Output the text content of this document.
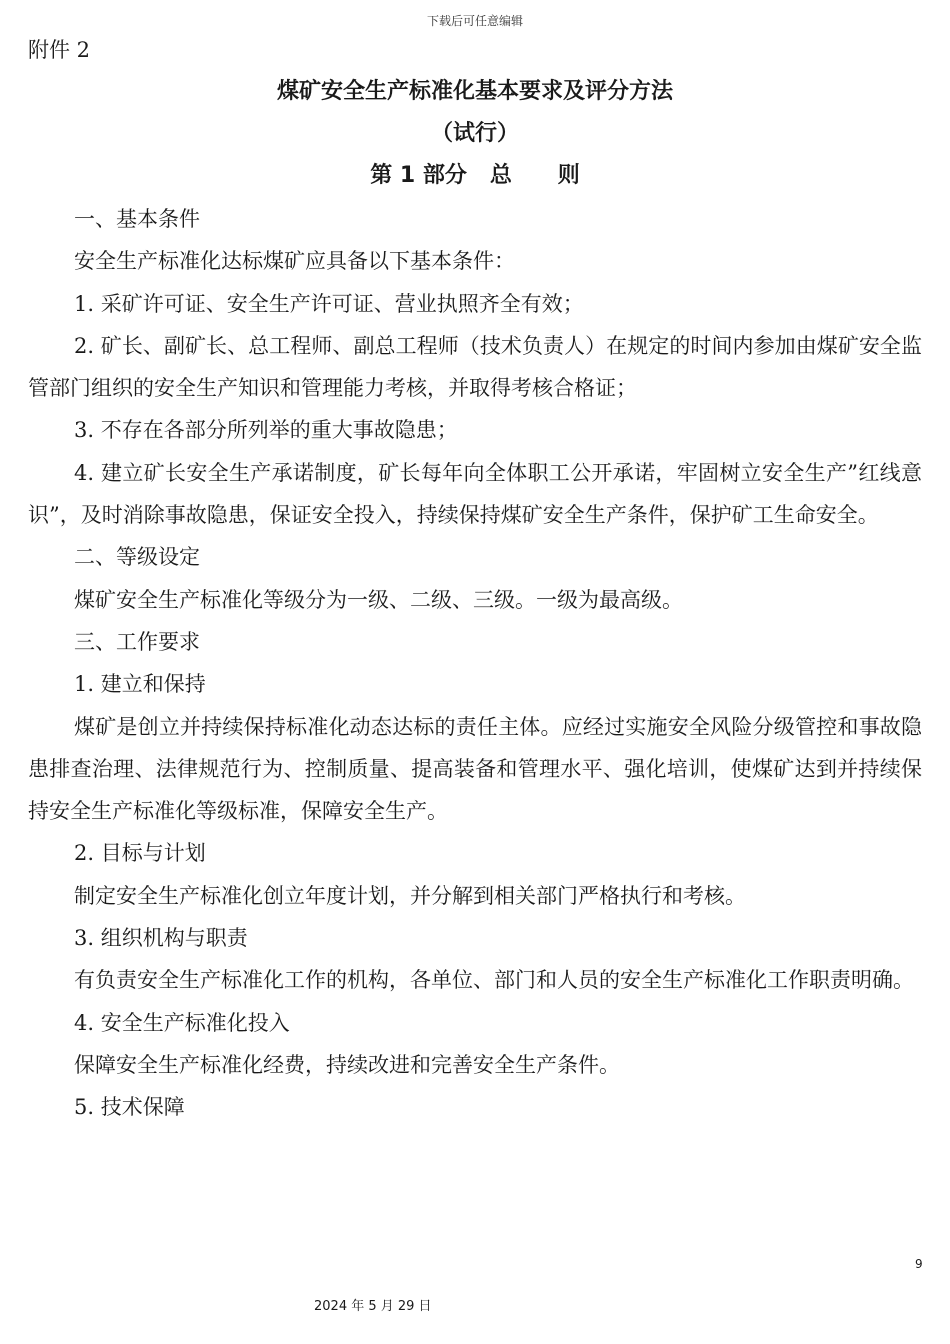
下载后可任意编辑
附件 2
煤矿安全生产标准化基本要求及评分方法
（试行）
第 1 部分   总      则

一、基本条件

安全生产标准化达标煤矿应具备以下基本条件：

1. 采矿许可证、安全生产许可证、营业执照齐全有效；

2. 矿长、副矿长、总工程师、副总工程师（技术负责人）在规定的时间内参加由煤矿安全监管部门组织的安全生产知识和管理能力考核，并取得考核合格证；

3. 不存在各部分所列举的重大事故隐患；

4. 建立矿长安全生产承诺制度，矿长每年向全体职工公开承诺，牢固树立安全生产”红线意识”，及时消除事故隐患，保证安全投入，持续保持煤矿安全生产条件，保护矿工生命安全。

二、等级设定

煤矿安全生产标准化等级分为一级、二级、三级。一级为最高级。

三、工作要求

1. 建立和保持

煤矿是创立并持续保持标准化动态达标的责任主体。应经过实施安全风险分级管控和事故隐患排查治理、法律规范行为、控制质量、提高装备和管理水平、强化培训，使煤矿达到并持续保持安全生产标准化等级标准，保障安全生产。

2. 目标与计划

制定安全生产标准化创立年度计划，并分解到相关部门严格执行和考核。

3. 组织机构与职责

有负责安全生产标准化工作的机构，各单位、部门和人员的安全生产标准化工作职责明确。

4. 安全生产标准化投入

保障安全生产标准化经费，持续改进和完善安全生产条件。

5. 技术保障

9
2024 年 5 月 29 日
